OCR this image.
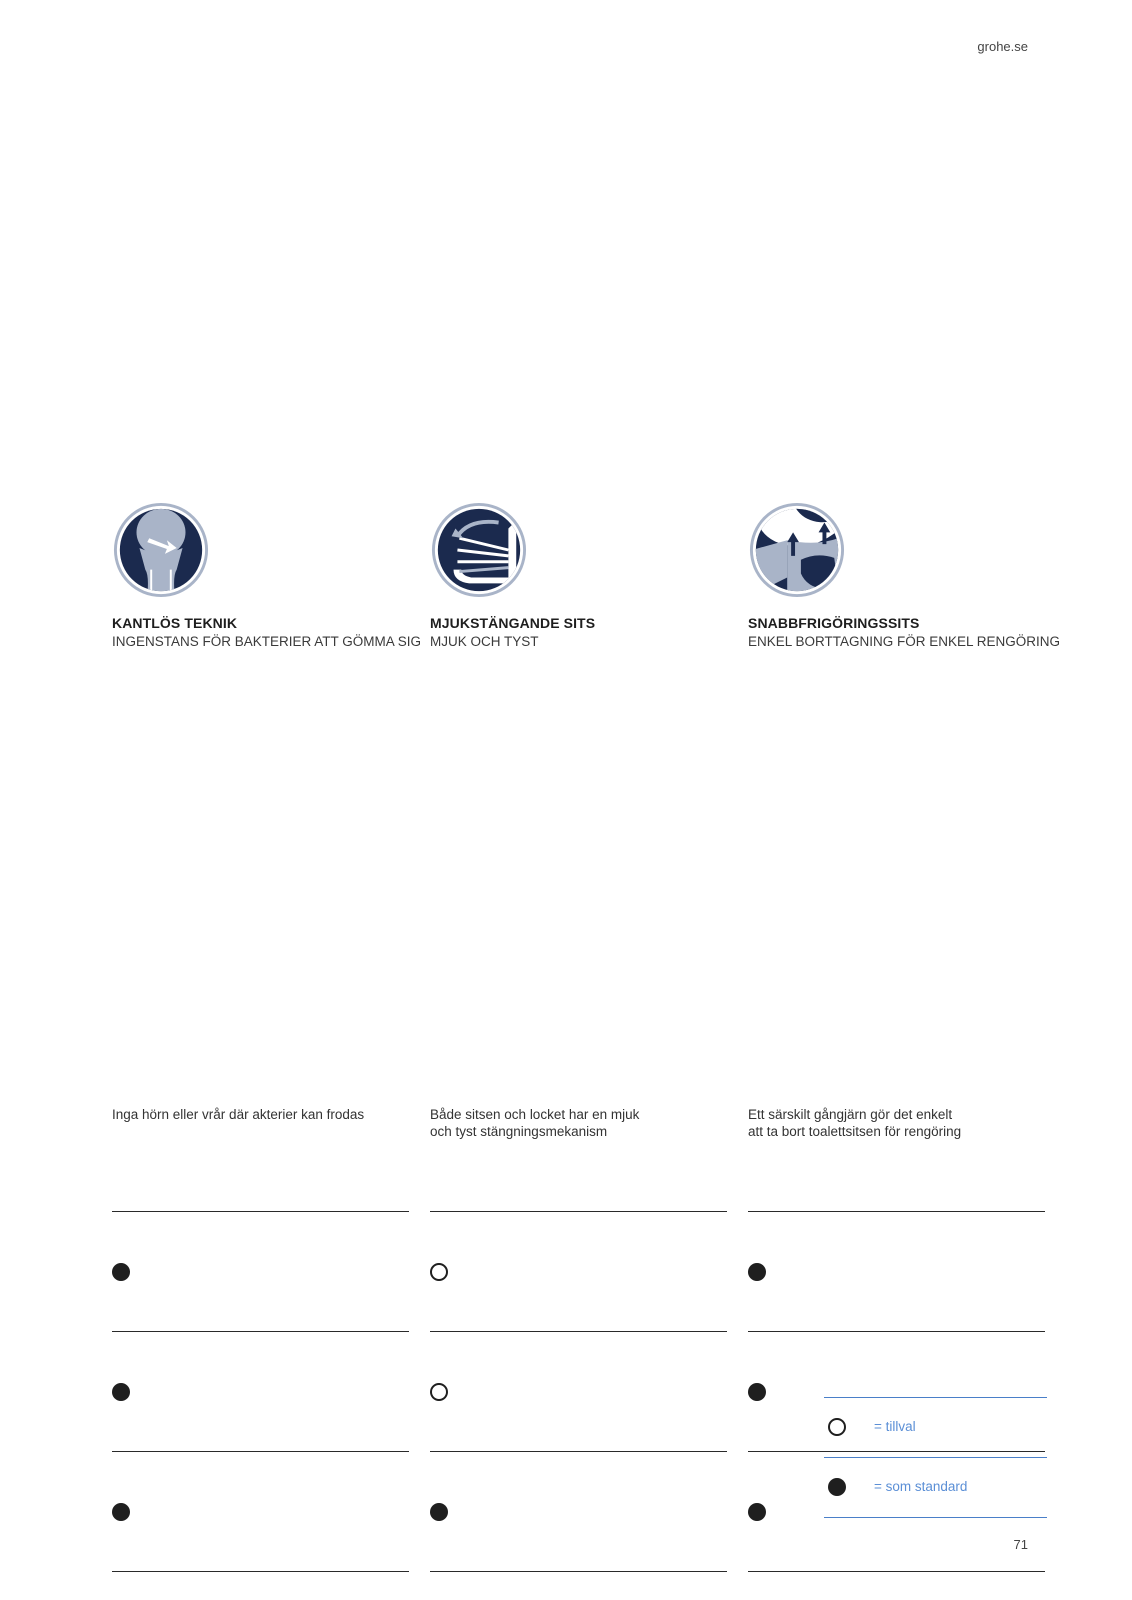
grohe.se
KANTLÖS TEKNIK
INGENSTANS FÖR BAKTERIER ATT GÖMMA SIG
Inga hörn eller vrår där akterier kan frodas
MJUKSTÄNGANDE SITS
MJUK OCH TYST
Både sitsen och locket har en mjuk
och tyst stängningsmekanism
SNABBFRIGÖRINGSSITS
ENKEL BORTTAGNING FÖR ENKEL RENGÖRING
Ett särskilt gångjärn gör det enkelt
att ta bort toalettsitsen för rengöring
= tillval
= som standard
71
